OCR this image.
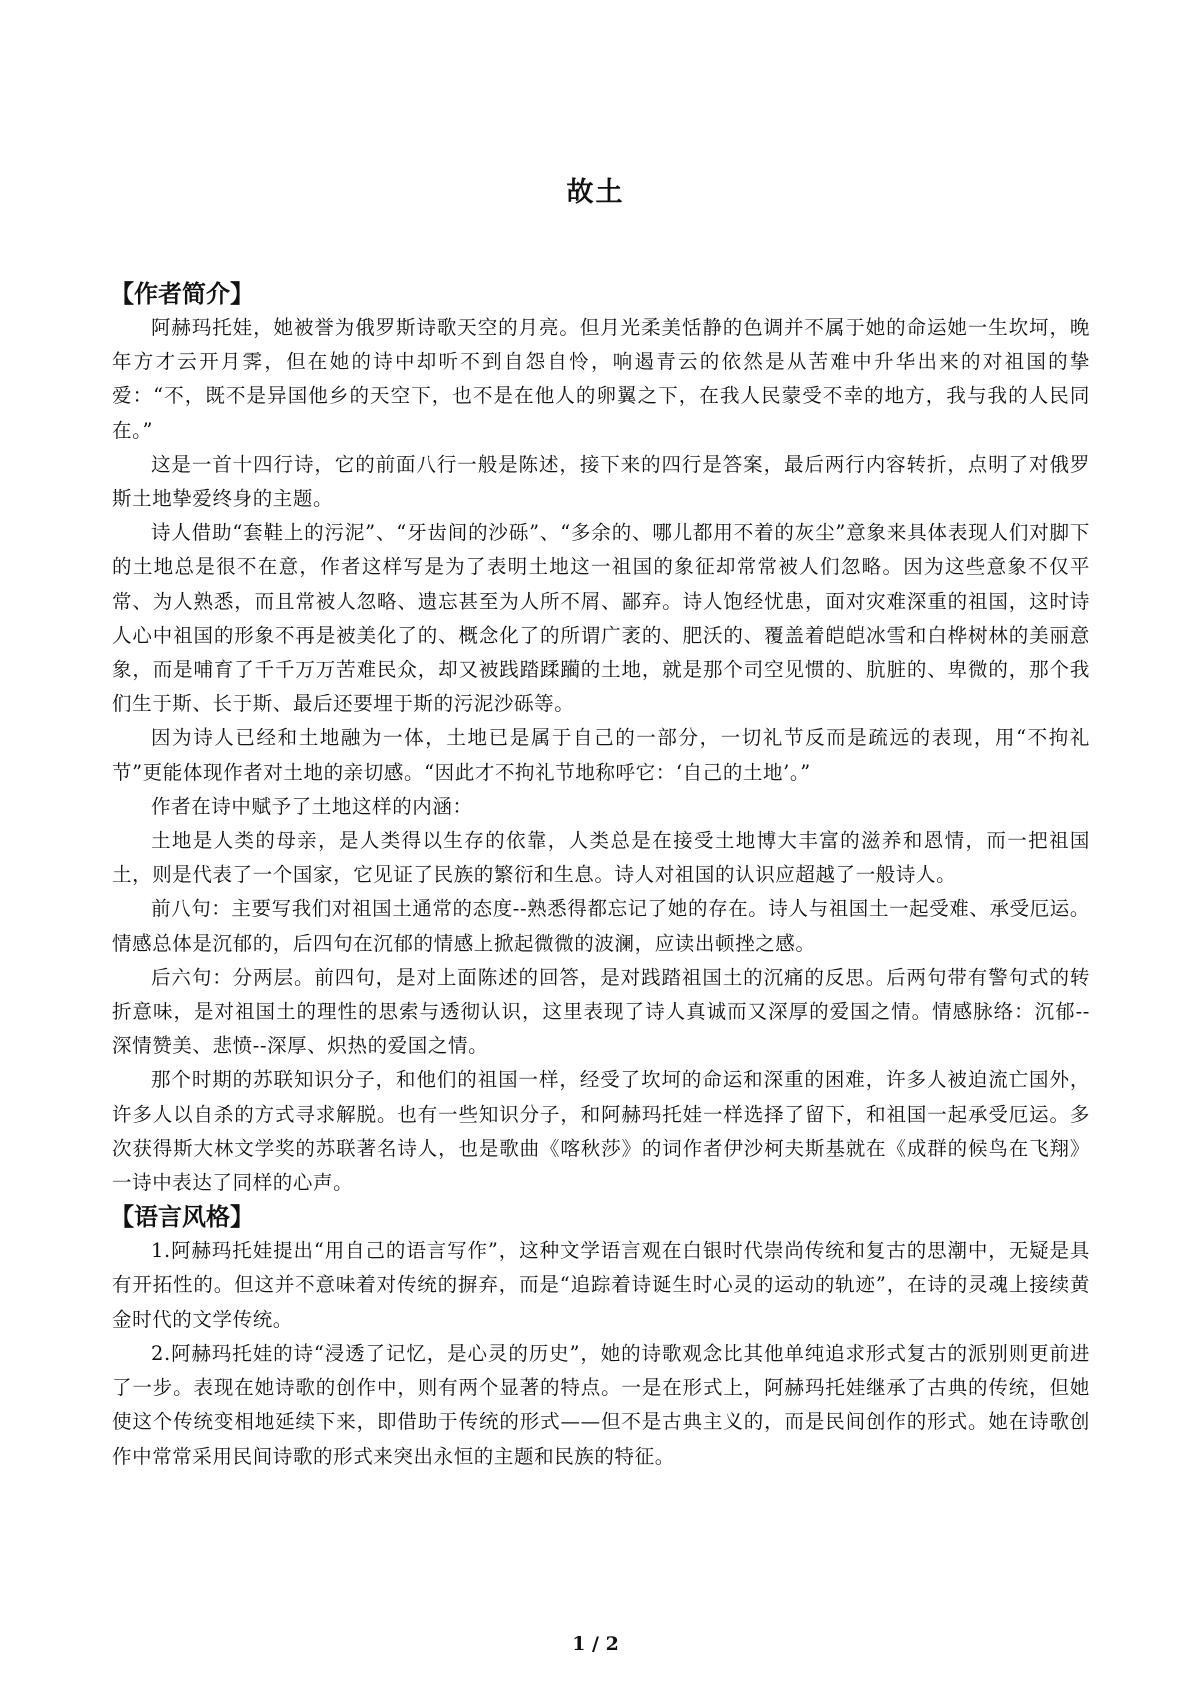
故土
【作者简介】

阿赫玛托娃，她被誉为俄罗斯诗歌天空的月亮。但月光柔美恬静的色调并不属于她的命运她一生坎坷，晚年方才云开月霁，但在她的诗中却听不到自怨自怜，响遏青云的依然是从苦难中升华出来的对祖国的挚爱：“不，既不是异国他乡的天空下，也不是在他人的卵翼之下，在我人民蒙受不幸的地方，我与我的人民同在。”

这是一首十四行诗，它的前面八行一般是陈述，接下来的四行是答案，最后两行内容转折，点明了对俄罗斯土地挚爱终身的主题。

诗人借助“套鞋上的污泥”、“牙齿间的沙砾”、“多余的、哪儿都用不着的灰尘”意象来具体表现人们对脚下的土地总是很不在意，作者这样写是为了表明土地这一祖国的象征却常常被人们忽略。因为这些意象不仅平常、为人熟悉，而且常被人忽略、遗忘甚至为人所不屑、鄙弃。诗人饱经忧患，面对灾难深重的祖国，这时诗人心中祖国的形象不再是被美化了的、概念化了的所谓广袤的、肥沃的、覆盖着皑皑冰雪和白桦树林的美丽意象，而是哺育了千千万万苦难民众，却又被践踏蹂躏的土地，就是那个司空见惯的、肮脏的、卑微的，那个我们生于斯、长于斯、最后还要埋于斯的污泥沙砾等。

因为诗人已经和土地融为一体，土地已是属于自己的一部分，一切礼节反而是疏远的表现，用“不拘礼节”更能体现作者对土地的亲切感。“因此才不拘礼节地称呼它：‘自己的土地’。”

作者在诗中赋予了土地这样的内涵：

土地是人类的母亲，是人类得以生存的依靠，人类总是在接受土地博大丰富的滋养和恩情，而一把祖国土，则是代表了一个国家，它见证了民族的繁衍和生息。诗人对祖国的认识应超越了一般诗人。

前八句：主要写我们对祖国土通常的态度--熟悉得都忘记了她的存在。诗人与祖国土一起受难、承受厄运。情感总体是沉郁的，后四句在沉郁的情感上掀起微微的波澜，应读出顿挫之感。

后六句：分两层。前四句，是对上面陈述的回答，是对践踏祖国土的沉痛的反思。后两句带有警句式的转折意味，是对祖国土的理性的思索与透彻认识，这里表现了诗人真诚而又深厚的爱国之情。情感脉络：沉郁--深情赞美、悲愤--深厚、炽热的爱国之情。

那个时期的苏联知识分子，和他们的祖国一样，经受了坎坷的命运和深重的困难，许多人被迫流亡国外，许多人以自杀的方式寻求解脱。也有一些知识分子，和阿赫玛托娃一样选择了留下，和祖国一起承受厄运。多次获得斯大林文学奖的苏联著名诗人，也是歌曲《喀秋莎》的词作者伊沙柯夫斯基就在《成群的候鸟在飞翔》一诗中表达了同样的心声。

【语言风格】

1.阿赫玛托娃提出“用自己的语言写作”，这种文学语言观在白银时代崇尚传统和复古的思潮中，无疑是具有开拓性的。但这并不意味着对传统的摒弃，而是“追踪着诗诞生时心灵的运动的轨迹”，在诗的灵魂上接续黄金时代的文学传统。

2.阿赫玛托娃的诗“浸透了记忆，是心灵的历史”，她的诗歌观念比其他单纯追求形式复古的派别则更前进了一步。表现在她诗歌的创作中，则有两个显著的特点。一是在形式上，阿赫玛托娃继承了古典的传统，但她使这个传统变相地延续下来，即借助于传统的形式——但不是古典主义的，而是民间创作的形式。她在诗歌创作中常常采用民间诗歌的形式来突出永恒的主题和民族的特征。

1 / 2
